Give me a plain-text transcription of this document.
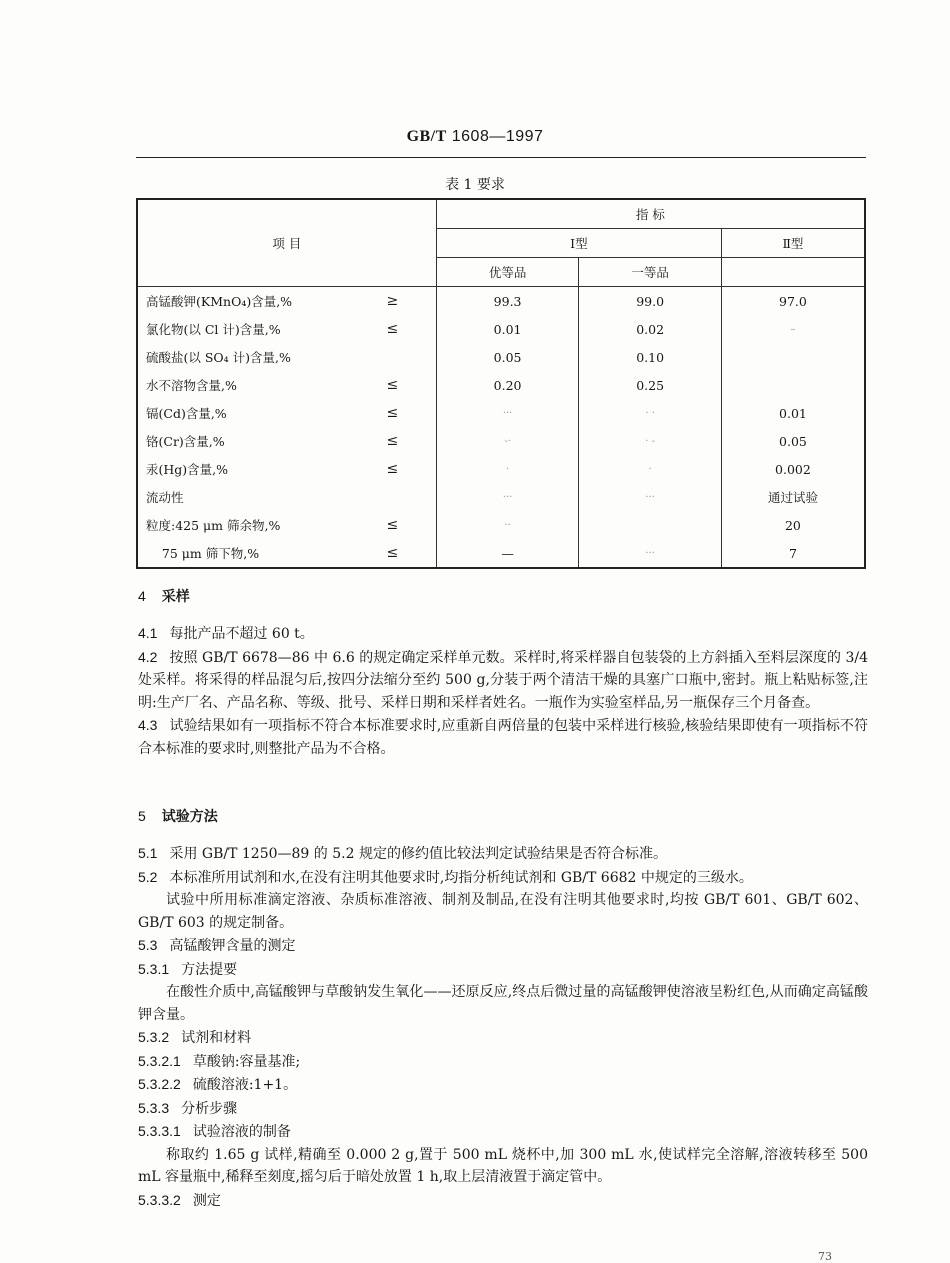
GB/T 1608—1997
表 1 要求
项 目		指 标		
		Ⅰ型		Ⅱ型
		优等品	一等品	
高锰酸钾(KMnO₄)含量,%	≥	99.3	99.0	97.0
氯化物(以 Cl 计)含量,%	≤	0.01	0.02	–
硫酸盐(以 SO₄ 计)含量,%		0.05	0.10	
水不溶物含量,%	≤	0.20	0.25	
镉(Cd)含量,%	≤	···	· ·	0.01
铬(Cr)含量,%	≤	-·	· -	0.05
汞(Hg)含量,%	≤	·	·	0.002
流动性		···	···	通过试验
粒度:425 μm 筛余物,%	≤	··		20
75 μm 筛下物,%	≤	—	···	7
4 采样

4.1 每批产品不超过 60 t。

4.2 按照 GB/T 6678—86 中 6.6 的规定确定采样单元数。采样时,将采样器自包装袋的上方斜插入至料层深度的 3/4 处采样。将采得的样品混匀后,按四分法缩分至约 500 g,分装于两个清洁干燥的具塞广口瓶中,密封。瓶上粘贴标签,注明:生产厂名、产品名称、等级、批号、采样日期和采样者姓名。一瓶作为实验室样品,另一瓶保存三个月备查。

4.3 试验结果如有一项指标不符合本标准要求时,应重新自两倍量的包装中采样进行核验,核验结果即使有一项指标不符合本标准的要求时,则整批产品为不合格。

5 试验方法

5.1 采用 GB/T 1250—89 的 5.2 规定的修约值比较法判定试验结果是否符合标准。

5.2 本标准所用试剂和水,在没有注明其他要求时,均指分析纯试剂和 GB/T 6682 中规定的三级水。

试验中所用标准滴定溶液、杂质标准溶液、制剂及制品,在没有注明其他要求时,均按 GB/T 601、GB/T 602、GB/T 603 的规定制备。

5.3 高锰酸钾含量的测定

5.3.1 方法提要

在酸性介质中,高锰酸钾与草酸钠发生氧化——还原反应,终点后微过量的高锰酸钾使溶液呈粉红色,从而确定高锰酸钾含量。

5.3.2 试剂和材料

5.3.2.1 草酸钠:容量基准;

5.3.2.2 硫酸溶液:1+1。

5.3.3 分析步骤

5.3.3.1 试验溶液的制备

称取约 1.65 g 试样,精确至 0.000 2 g,置于 500 mL 烧杯中,加 300 mL 水,使试样完全溶解,溶液转移至 500 mL 容量瓶中,稀释至刻度,摇匀后于暗处放置 1 h,取上层清液置于滴定管中。

5.3.3.2 测定

73
